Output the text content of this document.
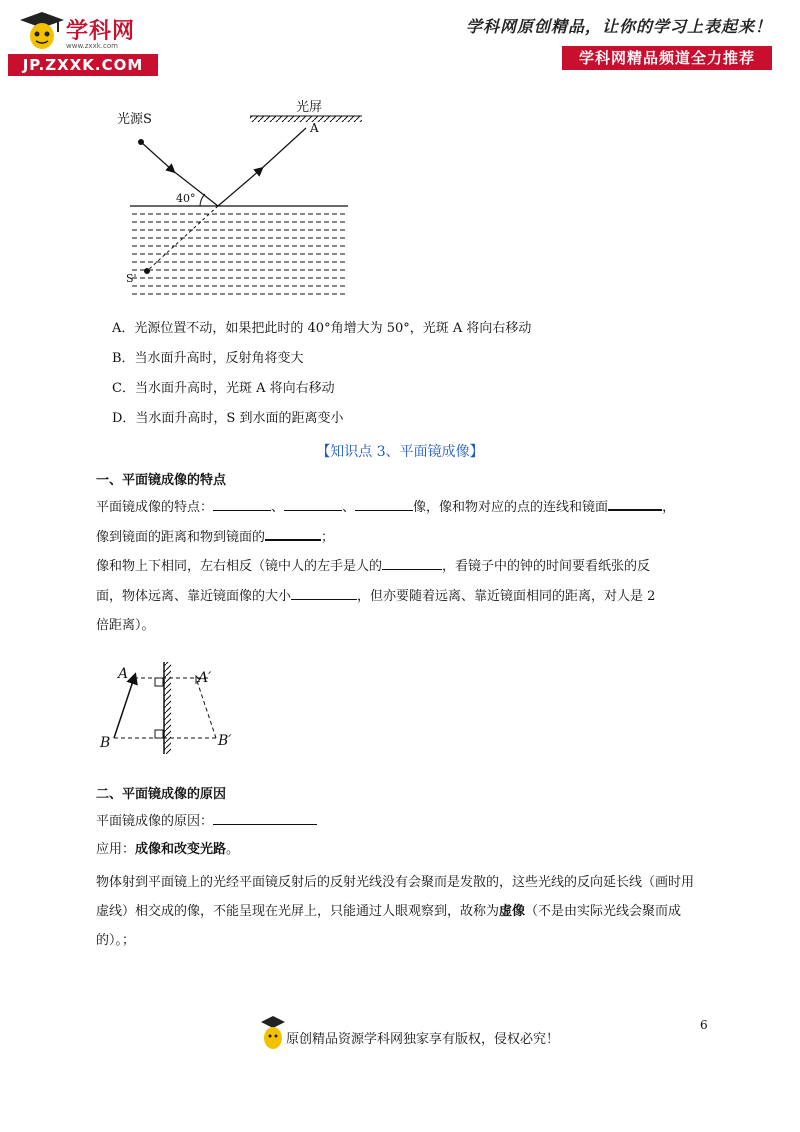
学科网
www.zxxk.com
JP.ZXXK.COM
学科网原创精品，让你的学习上表起来！
学科网精品频道全力推荐
光源S
光屏
A
40°
S'
A．光源位置不动，如果把此时的 40°角增大为 50°，光斑 A 将向右移动
B．当水面升高时，反射角将变大
C．当水面升高时，光斑 A 将向右移动
D．当水面升高时，S 到水面的距离变小
【知识点 3、平面镜成像】
一、平面镜成像的特点
平面镜成像的特点：	、	、	像，像和物对应的点的连线和镜面	，
像到镜面的距离和物到镜面的	；
像和物上下相同，左右相反（镜中人的左手是人的	，看镜子中的钟的时间要看纸张的反
面，物体远离、靠近镜面像的大小	，但亦要随着远离、靠近镜面相同的距离，对人是 2
倍距离）。
A	A′
B	B′
二、平面镜成像的原因
平面镜成像的原因：
应用：成像和改变光路。
物体射到平面镜上的光经平面镜反射后的反射光线没有会聚而是发散的，这些光线的反向延长线（画时用虚线）相交成的像，不能呈现在光屏上，只能通过人眼观察到，故称为虚像（不是由实际光线会聚而成的）。；
6
原创精品资源学科网独家享有版权，侵权必究！
